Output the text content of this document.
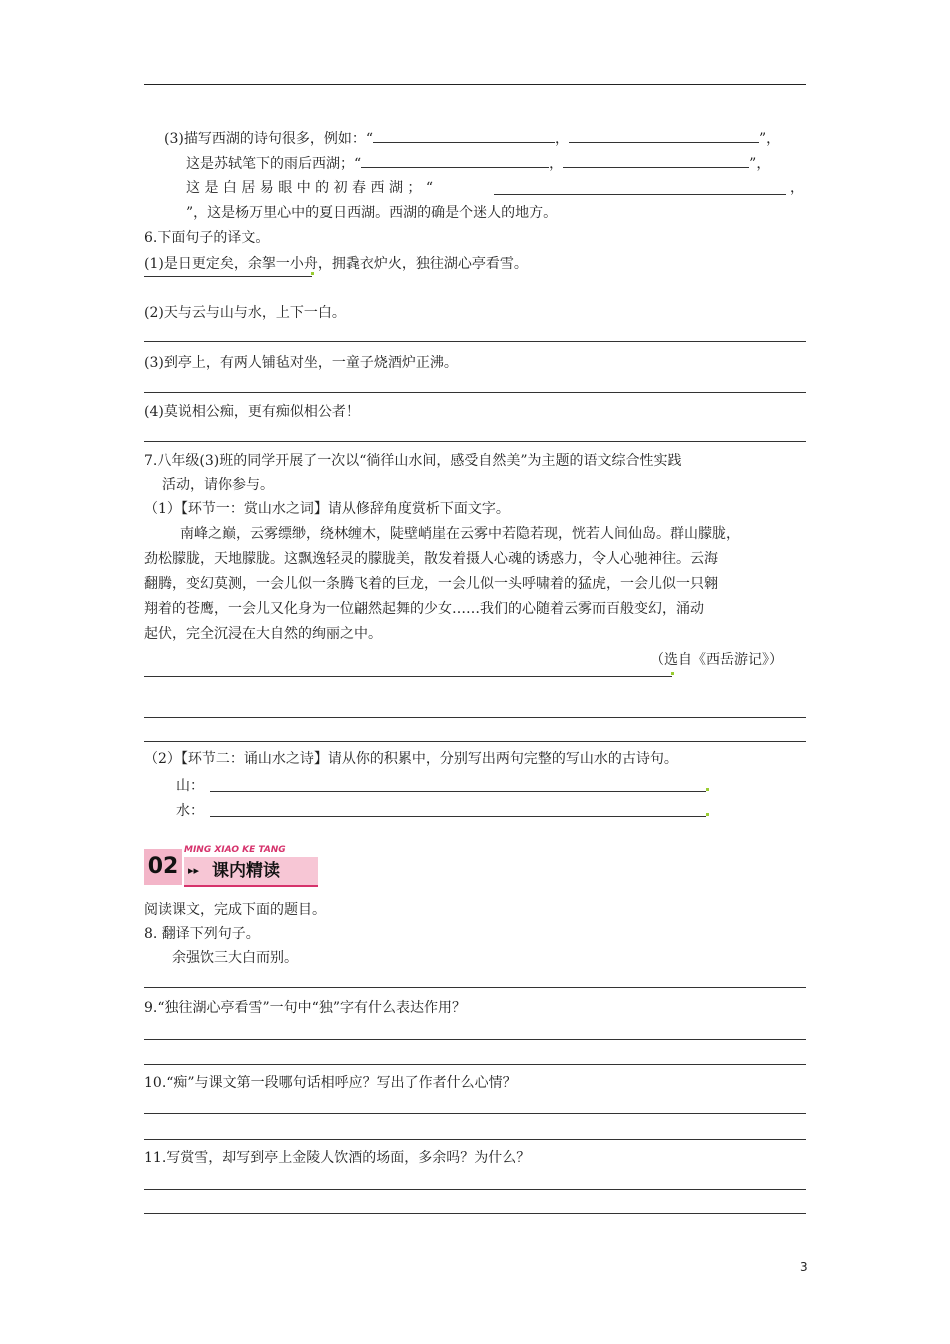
(3)描写西湖的诗句很多，例如：“	，	”，
这是苏轼笔下的雨后西湖；“	，	”，
这 是 白 居 易 眼 中 的 初 春 西 湖 ； “	，
”，这是杨万里心中的夏日西湖。西湖的确是个迷人的地方。
6.下面句子的译文。
(1)是日更定矣，余挐一小舟，拥毳衣炉火，独往湖心亭看雪。
(2)天与云与山与水，上下一白。
(3)到亭上，有两人铺毡对坐，一童子烧酒炉正沸。
(4)莫说相公痴，更有痴似相公者！
7.八年级(3)班的同学开展了一次以“徜徉山水间，感受自然美”为主题的语文综合性实践
活动，请你参与。
（1）【环节一：赏山水之词】请从修辞角度赏析下面文字。
南峰之巅，云雾缥缈，绕林缠木，陡壁峭崖在云雾中若隐若现，恍若人间仙岛。群山朦胧，
劲松朦胧，天地朦胧。这飘逸轻灵的朦胧美，散发着摄人心魂的诱惑力，令人心驰神往。云海
翻腾，变幻莫测，一会儿似一条腾飞着的巨龙，一会儿似一头呼啸着的猛虎，一会儿似一只翱
翔着的苍鹰，一会儿又化身为一位翩然起舞的少女……我们的心随着云雾而百般变幻，涌动
起伏，完全沉浸在大自然的绚丽之中。
（选自《西岳游记》）
（2）【环节二：诵山水之诗】请从你的积累中，分别写出两句完整的写山水的古诗句。
山：
水：
02
MING XIAO KE TANG
▸▸ 课内精读
阅读课文，完成下面的题目。
8. 翻译下列句子。
余强饮三大白而别。
9.“独往湖心亭看雪”一句中“独”字有什么表达作用？
10.“痴”与课文第一段哪句话相呼应？写出了作者什么心情？
11.写赏雪，却写到亭上金陵人饮酒的场面，多余吗？为什么？
3
